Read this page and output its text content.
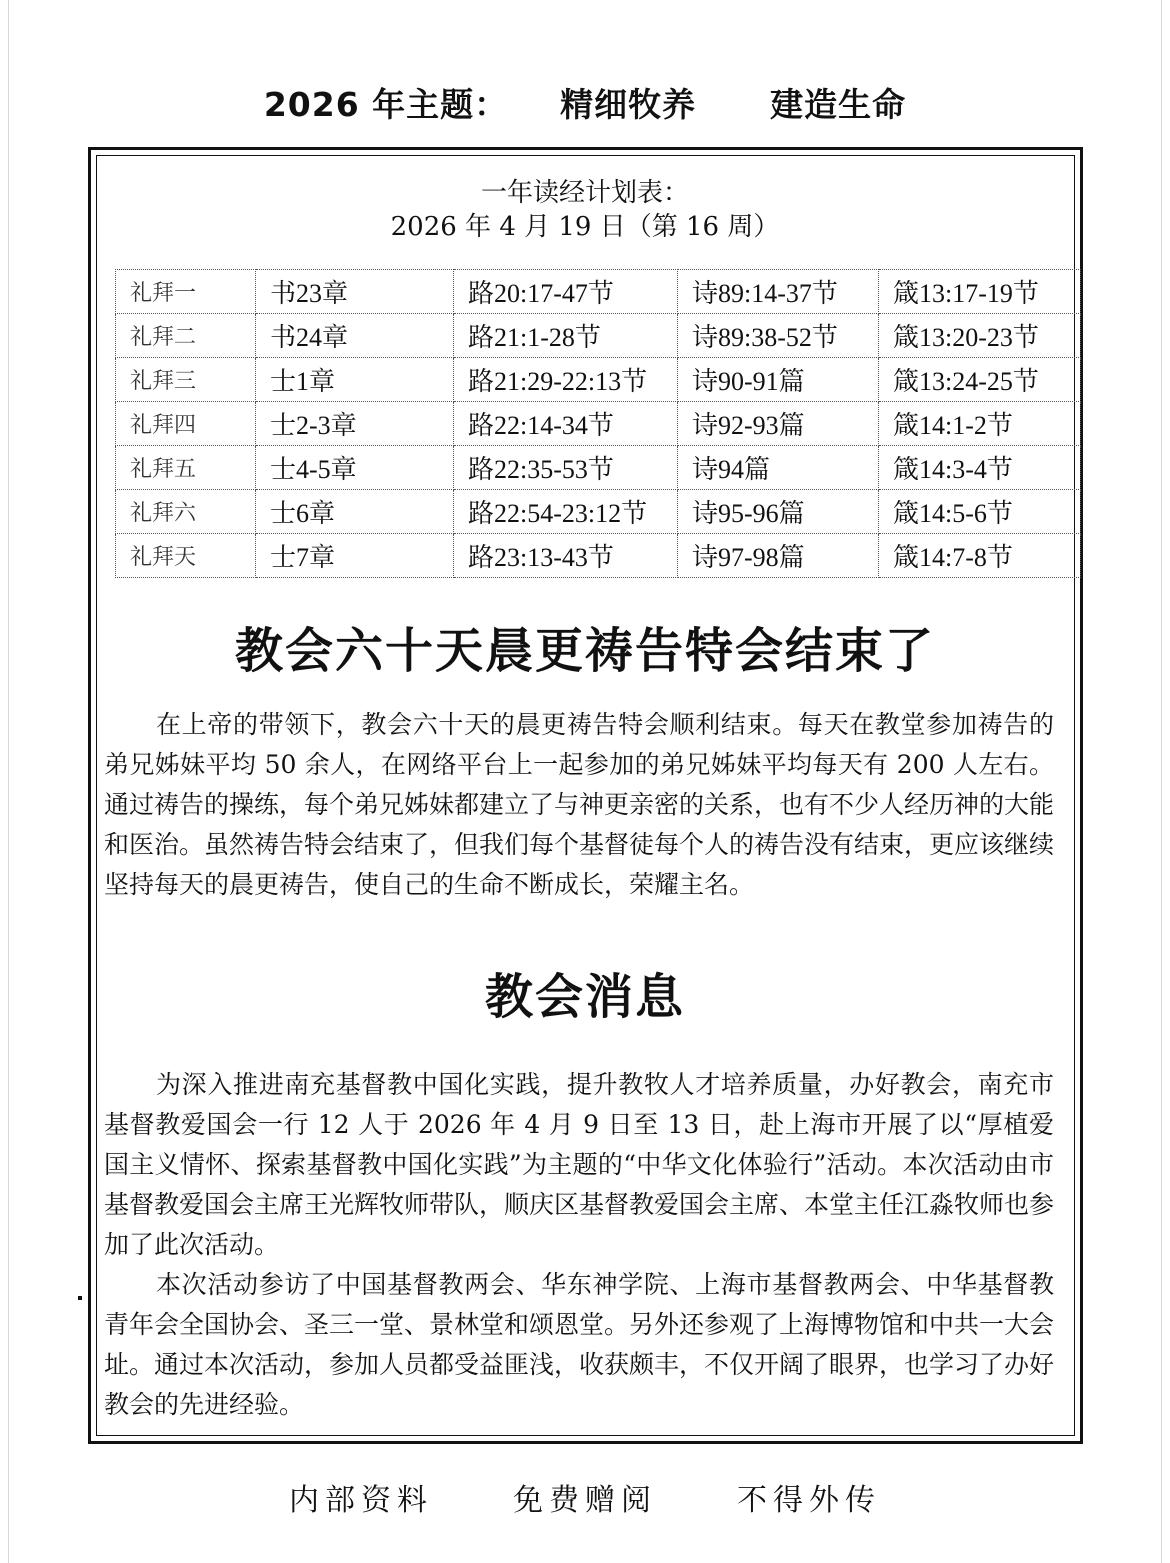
2026 年主题： 精细牧养 建造生命
一年读经计划表：
2026 年 4 月 19 日（第 16 周）
礼拜一	书23章	路20:17-47节	诗89:14-37节	箴13:17-19节
礼拜二	书24章	路21:1-28节	诗89:38-52节	箴13:20-23节
礼拜三	士1章	路21:29-22:13节	诗90-91篇	箴13:24-25节
礼拜四	士2-3章	路22:14-34节	诗92-93篇	箴14:1-2节
礼拜五	士4-5章	路22:35-53节	诗94篇	箴14:3-4节
礼拜六	士6章	路22:54-23:12节	诗95-96篇	箴14:5-6节
礼拜天	士7章	路23:13-43节	诗97-98篇	箴14:7-8节
教会六十天晨更祷告特会结束了

在上帝的带领下，教会六十天的晨更祷告特会顺利结束。每天在教堂参加祷告的弟兄姊妹平均 50 余人，在网络平台上一起参加的弟兄姊妹平均每天有 200 人左右。通过祷告的操练，每个弟兄姊妹都建立了与神更亲密的关系，也有不少人经历神的大能和医治。虽然祷告特会结束了，但我们每个基督徒每个人的祷告没有结束，更应该继续坚持每天的晨更祷告，使自己的生命不断成长，荣耀主名。

教会消息

为深入推进南充基督教中国化实践，提升教牧人才培养质量，办好教会，南充市基督教爱国会一行 12 人于 2026 年 4 月 9 日至 13 日，赴上海市开展了以“厚植爱国主义情怀、探索基督教中国化实践”为主题的“中华文化体验行”活动。本次活动由市基督教爱国会主席王光辉牧师带队，顺庆区基督教爱国会主席、本堂主任江淼牧师也参加了此次活动。

本次活动参访了中国基督教两会、华东神学院、上海市基督教两会、中华基督教青年会全国协会、圣三一堂、景林堂和颂恩堂。另外还参观了上海博物馆和中共一大会址。通过本次活动，参加人员都受益匪浅，收获颇丰，不仅开阔了眼界，也学习了办好教会的先进经验。

内部资料	免费赠阅	不得外传
